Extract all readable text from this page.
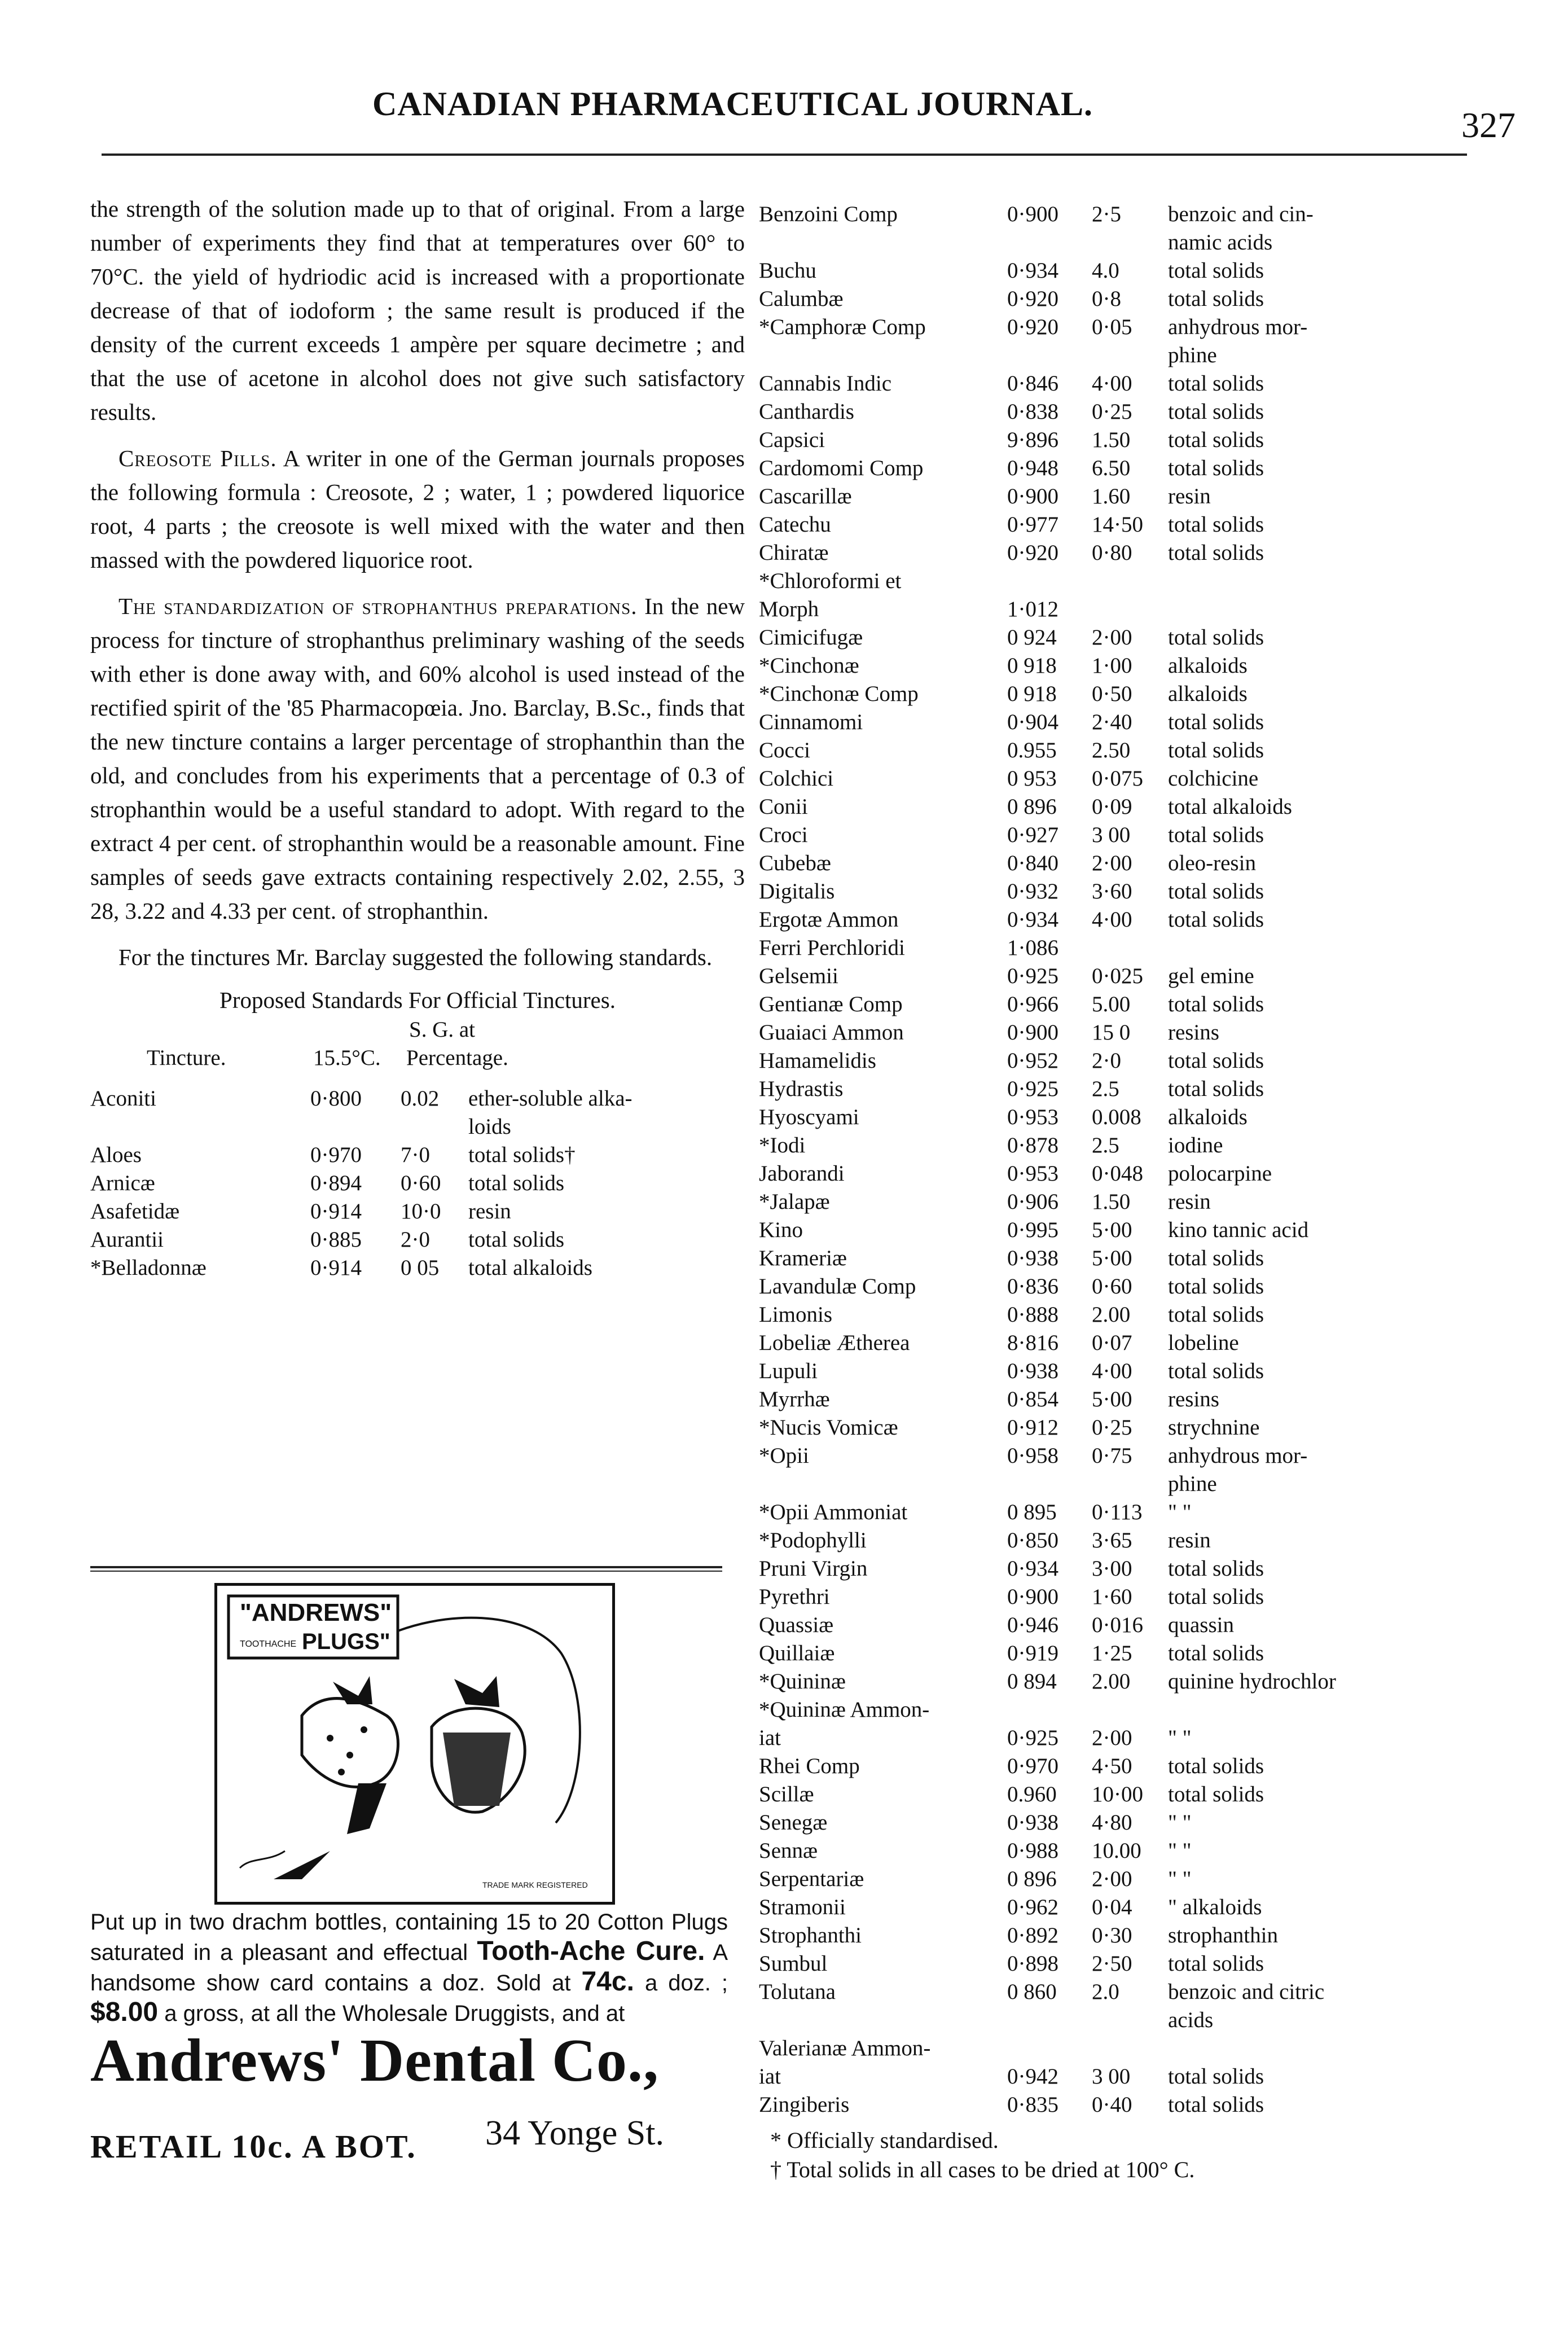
CANADIAN PHARMACEUTICAL JOURNAL.
327

the strength of the solution made up to that of original. From a large number of experiments they find that at temperatures over 60° to 70°C. the yield of hydriodic acid is increased with a proportionate decrease of that of iodoform ; the same result is produced if the density of the current exceeds 1 ampère per square decimetre ; and that the use of acetone in alcohol does not give such satisfactory results.

Creosote Pills. A writer in one of the German journals proposes the following formula : Creosote, 2 ; water, 1 ; powdered liquorice root, 4 parts ; the creosote is well mixed with the water and then massed with the powdered liquorice root.

The standardization of strophanthus preparations. In the new process for tincture of strophanthus preliminary washing of the seeds with ether is done away with, and 60% alcohol is used instead of the rectified spirit of the '85 Pharmacopœia. Jno. Barclay, B.Sc., finds that the new tincture contains a larger percentage of strophanthin than the old, and concludes from his experiments that a percentage of 0.3 of strophanthin would be a useful standard to adopt. With regard to the extract 4 per cent. of strophanthin would be a reasonable amount. Fine samples of seeds gave extracts containing respectively 2.02, 2.55, 3 28, 3.22 and 4.33 per cent. of strophanthin.

For the tinctures Mr. Barclay suggested the following standards.

Proposed Standards For Official Tinctures.
S. G. at
Tincture.	15.5°C. Percentage.
Aconiti	0·800	0.02	ether-soluble alka-
			loids
Aloes	0·970	7·0	total solids†
Arnicæ	0·894	0·60	total solids
Asafetidæ	0·914	10·0	resin
Aurantii	0·885	2·0	total solids
*Belladonnæ	0·914	0 05	total alkaloids
"ANDREWS"
TOOTHACHE PLUGS"
TRADE MARK REGISTERED
Put up in two drachm bottles, containing 15 to 20 Cotton Plugs saturated in a pleasant and effectual Tooth-Ache Cure. A handsome show card contains a doz. Sold at 74c. a doz. ; $8.00 a gross, at all the Wholesale Druggists, and at
Andrews' Dental Co.,
34 Yonge St.
RETAIL 10c. A BOT.
Benzoini Comp	0·900	2·5	benzoic and cin-
			namic acids
Buchu	0·934	4.0	total solids
Calumbæ	0·920	0·8	total solids
*Camphoræ Comp	0·920	0·05	anhydrous mor-
			phine
Cannabis Indic	0·846	4·00	total solids
Canthardis	0·838	0·25	total solids
Capsici	9·896	1.50	total solids
Cardomomi Comp	0·948	6.50	total solids
Cascarillæ	0·900	1.60	resin
Catechu	0·977	14·50	total solids
Chiratæ	0·920	0·80	total solids
*Chloroformi et			
Morph	1·012		
Cimicifugæ	0 924	2·00	total solids
*Cinchonæ	0 918	1·00	alkaloids
*Cinchonæ Comp	0 918	0·50	alkaloids
Cinnamomi	0·904	2·40	total solids
Cocci	0.955	2.50	total solids
Colchici	0 953	0·075	colchicine
Conii	0 896	0·09	total alkaloids
Croci	0·927	3 00	total solids
Cubebæ	0·840	2·00	oleo-resin
Digitalis	0·932	3·60	total solids
Ergotæ Ammon	0·934	4·00	total solids
Ferri Perchloridi	1·086		
Gelsemii	0·925	0·025	gel emine
Gentianæ Comp	0·966	5.00	total solids
Guaiaci Ammon	0·900	15 0	resins
Hamamelidis	0·952	2·0	total solids
Hydrastis	0·925	2.5	total solids
Hyoscyami	0·953	0.008	alkaloids
*Iodi	0·878	2.5	iodine
Jaborandi	0·953	0·048	polocarpine
*Jalapæ	0·906	1.50	resin
Kino	0·995	5·00	kino tannic acid
Krameriæ	0·938	5·00	total solids
Lavandulæ Comp	0·836	0·60	total solids
Limonis	0·888	2.00	total solids
Lobeliæ Ætherea	8·816	0·07	lobeline
Lupuli	0·938	4·00	total solids
Myrrhæ	0·854	5·00	resins
*Nucis Vomicæ	0·912	0·25	strychnine
*Opii	0·958	0·75	anhydrous mor-
			phine
*Opii Ammoniat	0 895	0·113	" "
*Podophylli	0·850	3·65	resin
Pruni Virgin	0·934	3·00	total solids
Pyrethri	0·900	1·60	total solids
Quassiæ	0·946	0·016	quassin
Quillaiæ	0·919	1·25	total solids
*Quininæ	0 894	2.00	quinine hydrochlor
*Quininæ Ammon-			
iat	0·925	2·00	" "
Rhei Comp	0·970	4·50	total solids
Scillæ	0.960	10·00	total solids
Senegæ	0·938	4·80	" "
Sennæ	0·988	10.00	" "
Serpentariæ	0 896	2·00	" "
Stramonii	0·962	0·04	" alkaloids
Strophanthi	0·892	0·30	strophanthin
Sumbul	0·898	2·50	total solids
Tolutana	0 860	2.0	benzoic and citric
			acids
Valerianæ Ammon-			
iat	0·942	3 00	total solids
Zingiberis	0·835	0·40	total solids
* Officially standardised.
† Total solids in all cases to be dried at 100° C.
